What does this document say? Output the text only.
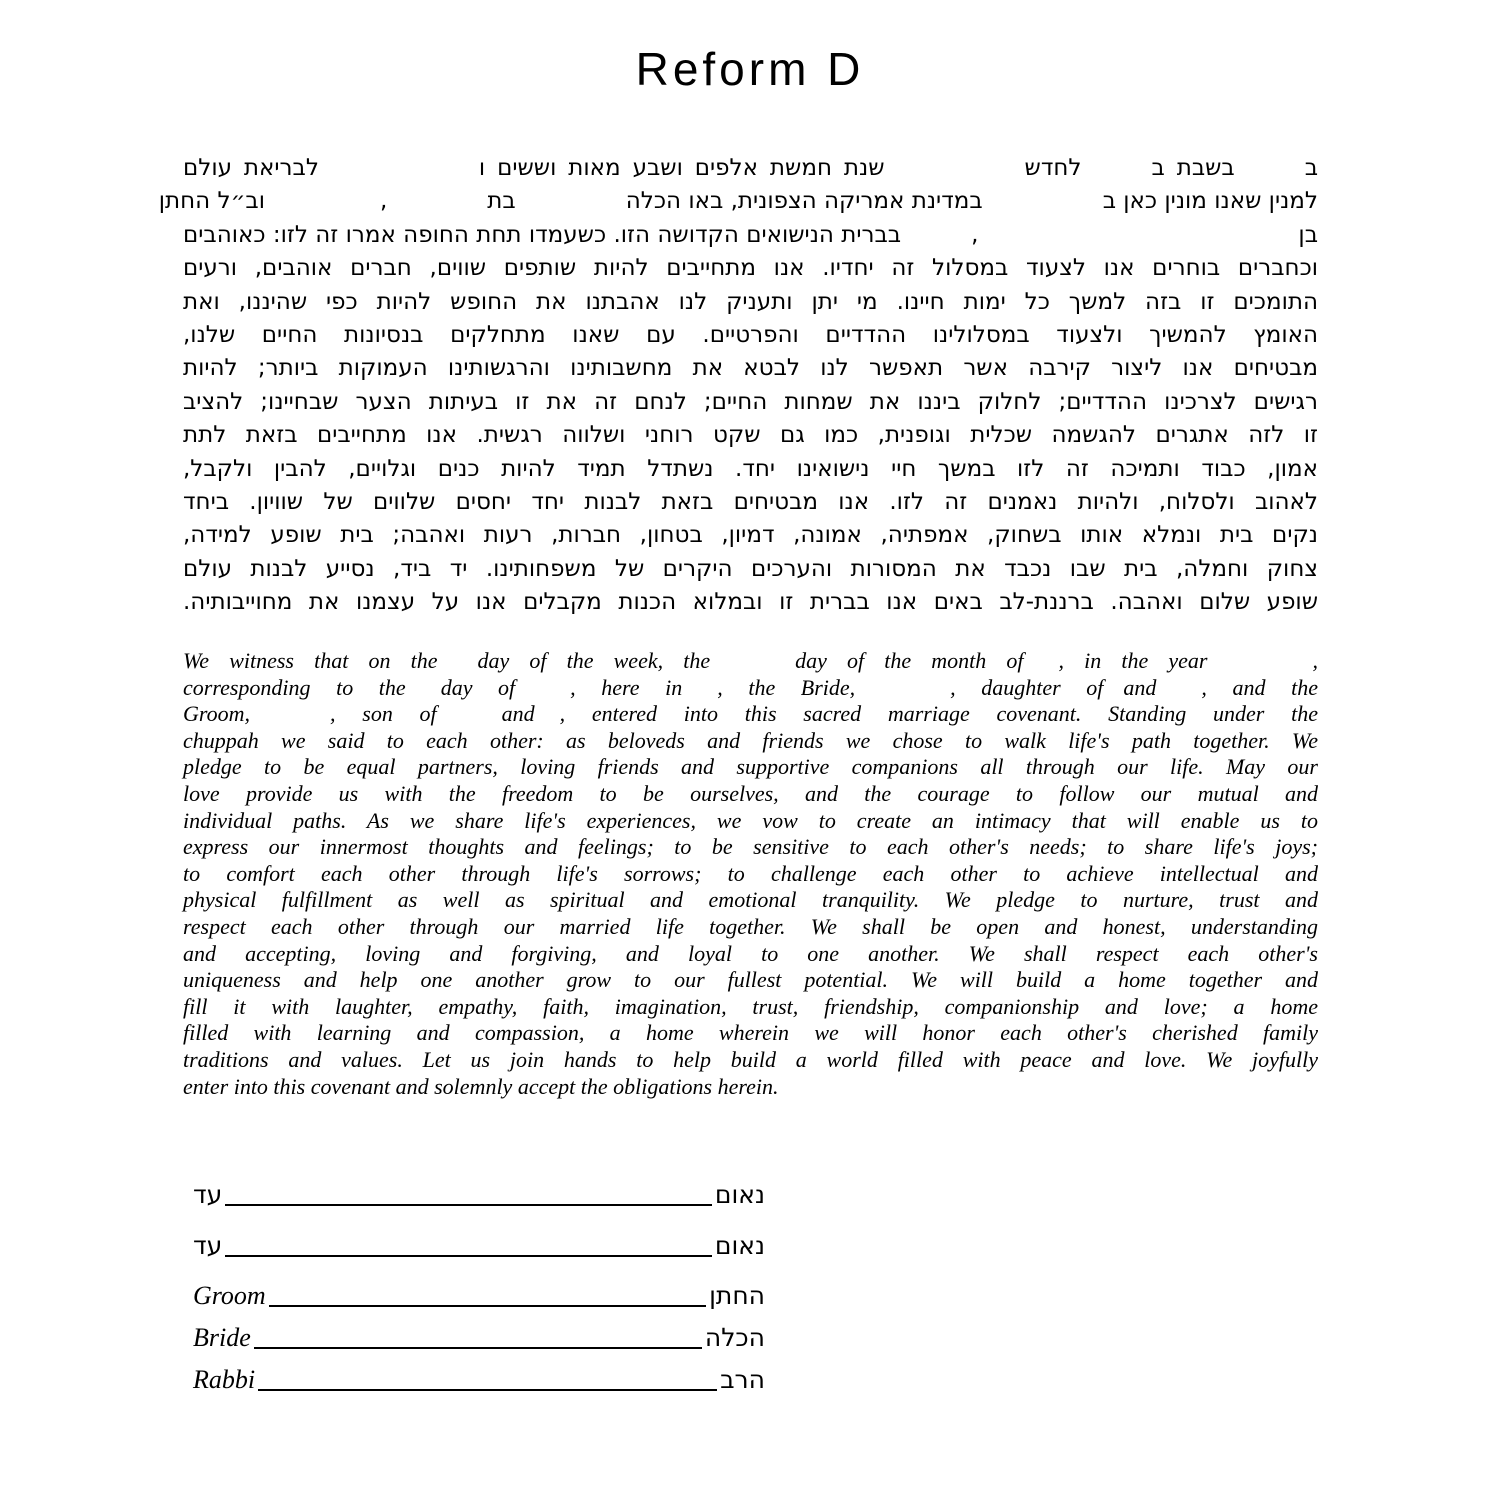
Reform D
בבשבת בלחדששנת חמשת אלפים ושבע מאות וששים ולבריאת עולם
למנין שאנו מונין כאן בבמדינת אמריקה הצפונית, באו הכלהבת,וב״ל החתן
בן,בברית הנישואים הקדושה הזו. כשעמדו תחת החופה אמרו זה לזו: כאוהבים
וכחברים בוחרים אנו לצעוד במסלול זה יחדיו. אנו מתחייבים להיות שותפים שווים, חברים אוהבים, ורעים
התומכים זו בזה למשך כל ימות חיינו. מי יתן ותעניק לנו אהבתנו את החופש להיות כפי שהיננו, ואת
האומץ להמשיך ולצעוד במסלולינו ההדדיים והפרטיים. עם שאנו מתחלקים בנסיונות החיים שלנו,
מבטיחים אנו ליצור קירבה אשר תאפשר לנו לבטא את מחשבותינו והרגשותינו העמוקות ביותר; להיות
רגישים לצרכינו ההדדיים; לחלוק ביננו את שמחות החיים; לנחם זה את זו בעיתות הצער שבחיינו; להציב
זו לזה אתגרים להגשמה שכלית וגופנית, כמו גם שקט רוחני ושלווה רגשית. אנו מתחייבים בזאת לתת
אמון, כבוד ותמיכה זה לזו במשך חיי נישואינו יחד. נשתדל תמיד להיות כנים וגלויים, להבין ולקבל,
לאהוב ולסלוח, ולהיות נאמנים זה לזו. אנו מבטיחים בזאת לבנות יחד יחסים שלווים של שוויון. ביחד
נקים בית ונמלא אותו בשחוק, אמפתיה, אמונה, דמיון, בטחון, חברות, רעות ואהבה; בית שופע למידה,
צחוק וחמלה, בית שבו נכבד את המסורות והערכים היקרים של משפחותינו. יד ביד, נסייע לבנות עולם
שופע שלום ואהבה. ברננת-לב באים אנו בברית זו ובמלוא הכנות מקבלים אנו על עצמנו את מחוייבותיה.
We witness that on the day of the week, the	day of the month of , in the year	,
corresponding to the day of	, here in , the Bride,	, daughter of and , and the
Groom,	, son of	and , entered into this sacred marriage covenant. Standing under the
chuppah we said to each other: as beloveds and friends we chose to walk life's path together. We
pledge to be equal partners, loving friends and supportive companions all through our life. May our
love provide us with the freedom to be ourselves, and the courage to follow our mutual and
individual paths. As we share life's experiences, we vow to create an intimacy that will enable us to
express our innermost thoughts and feelings; to be sensitive to each other's needs; to share life's joys;
to comfort each other through life's sorrows; to challenge each other to achieve intellectual and
physical fulfillment as well as spiritual and emotional tranquility. We pledge to nurture, trust and
respect each other through our married life together. We shall be open and honest, understanding
and accepting, loving and forgiving, and loyal to one another. We shall respect each other's
uniqueness and help one another grow to our fullest potential. We will build a home together and
fill it with laughter, empathy, faith, imagination, trust, friendship, companionship and love; a home
filled with learning and compassion, a home wherein we will honor each other's cherished family
traditions and values. Let us join hands to help build a world filled with peace and love. We joyfully
enter into this covenant and solemnly accept the obligations herein.
עד	נאום
עד	נאום
Groom	החתן
Bride	הכלה
Rabbi	הרב
